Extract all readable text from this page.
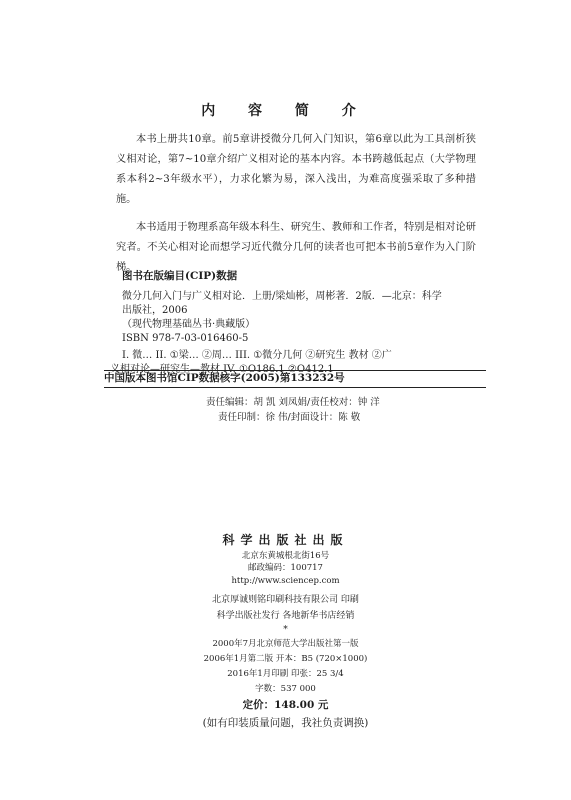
内 容 简 介

本书上册共10章。前5章讲授微分几何入门知识，第6章以此为工具剖析狭义相对论，第7~10章介绍广义相对论的基本内容。本书跨越低起点（大学物理系本科2~3年级水平），力求化繁为易，深入浅出，为难高度强采取了多种措施。

本书适用于物理系高年级本科生、研究生、教师和工作者，特别是相对论研究者。不关心相对论而想学习近代微分几何的读者也可把本书前5章作为入门阶梯。

图书在版编目(CIP)数据
微分几何入门与广义相对论．上册/梁灿彬，周彬著．2版．—北京：科学
出版社，2006
（现代物理基础丛书·典藏版）
ISBN 978-7-03-016460-5
I. 微… II. ①梁… ②周… III. ①微分几何 ②研究生 教材 ②广
中国版本图书馆CIP数据核字(2005)第133232号
责任编辑：胡 凯 刘凤娟/责任校对：钟 洋
责任印制：徐 伟/封面设计：陈 敬
科学出版社出版
北京东黄城根北街16号
邮政编码：100717
http://www.sciencep.com
北京厚诚则铭印刷科技有限公司 印刷
科学出版社发行 各地新华书店经销
*
2000年7月北京师范大学出版社第一版
2006年1月第二版 开本：B5 (720×1000)
2016年1月印刷 印张：25 3/4
字数：537 000
定价：148.00 元
(如有印装质量问题，我社负责调换)
